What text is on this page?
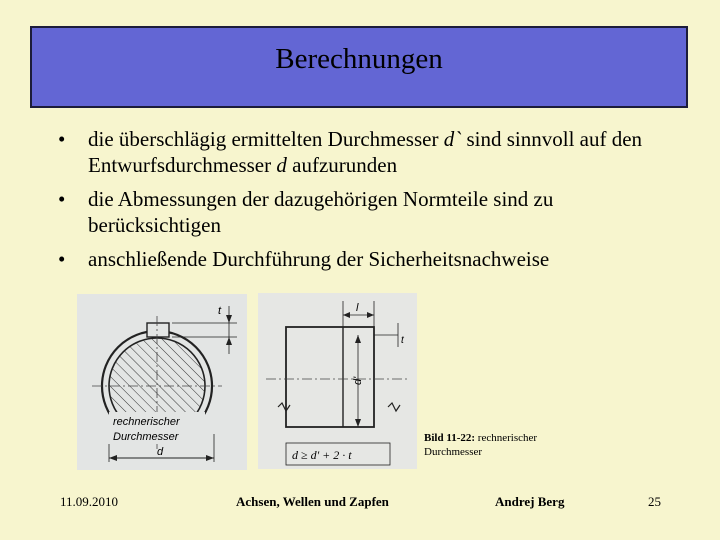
Berechnungen
• die überschlägig ermittelten Durchmesser d` sind sinnvoll auf den Entwurfsdurchmesser d aufzurunden
• die Abmessungen der dazugehörigen Normteile sind zu berücksichtigen
• anschließende Durchführung der Sicherheitsnachweise
t
rechnerischer
Durchmesser
d
l
t
d'
d ≥ d' + 2 · t
Bild 11-22: rechnerischer Durchmesser
11.09.2010	Achsen, Wellen und Zapfen	Andrej Berg	25
